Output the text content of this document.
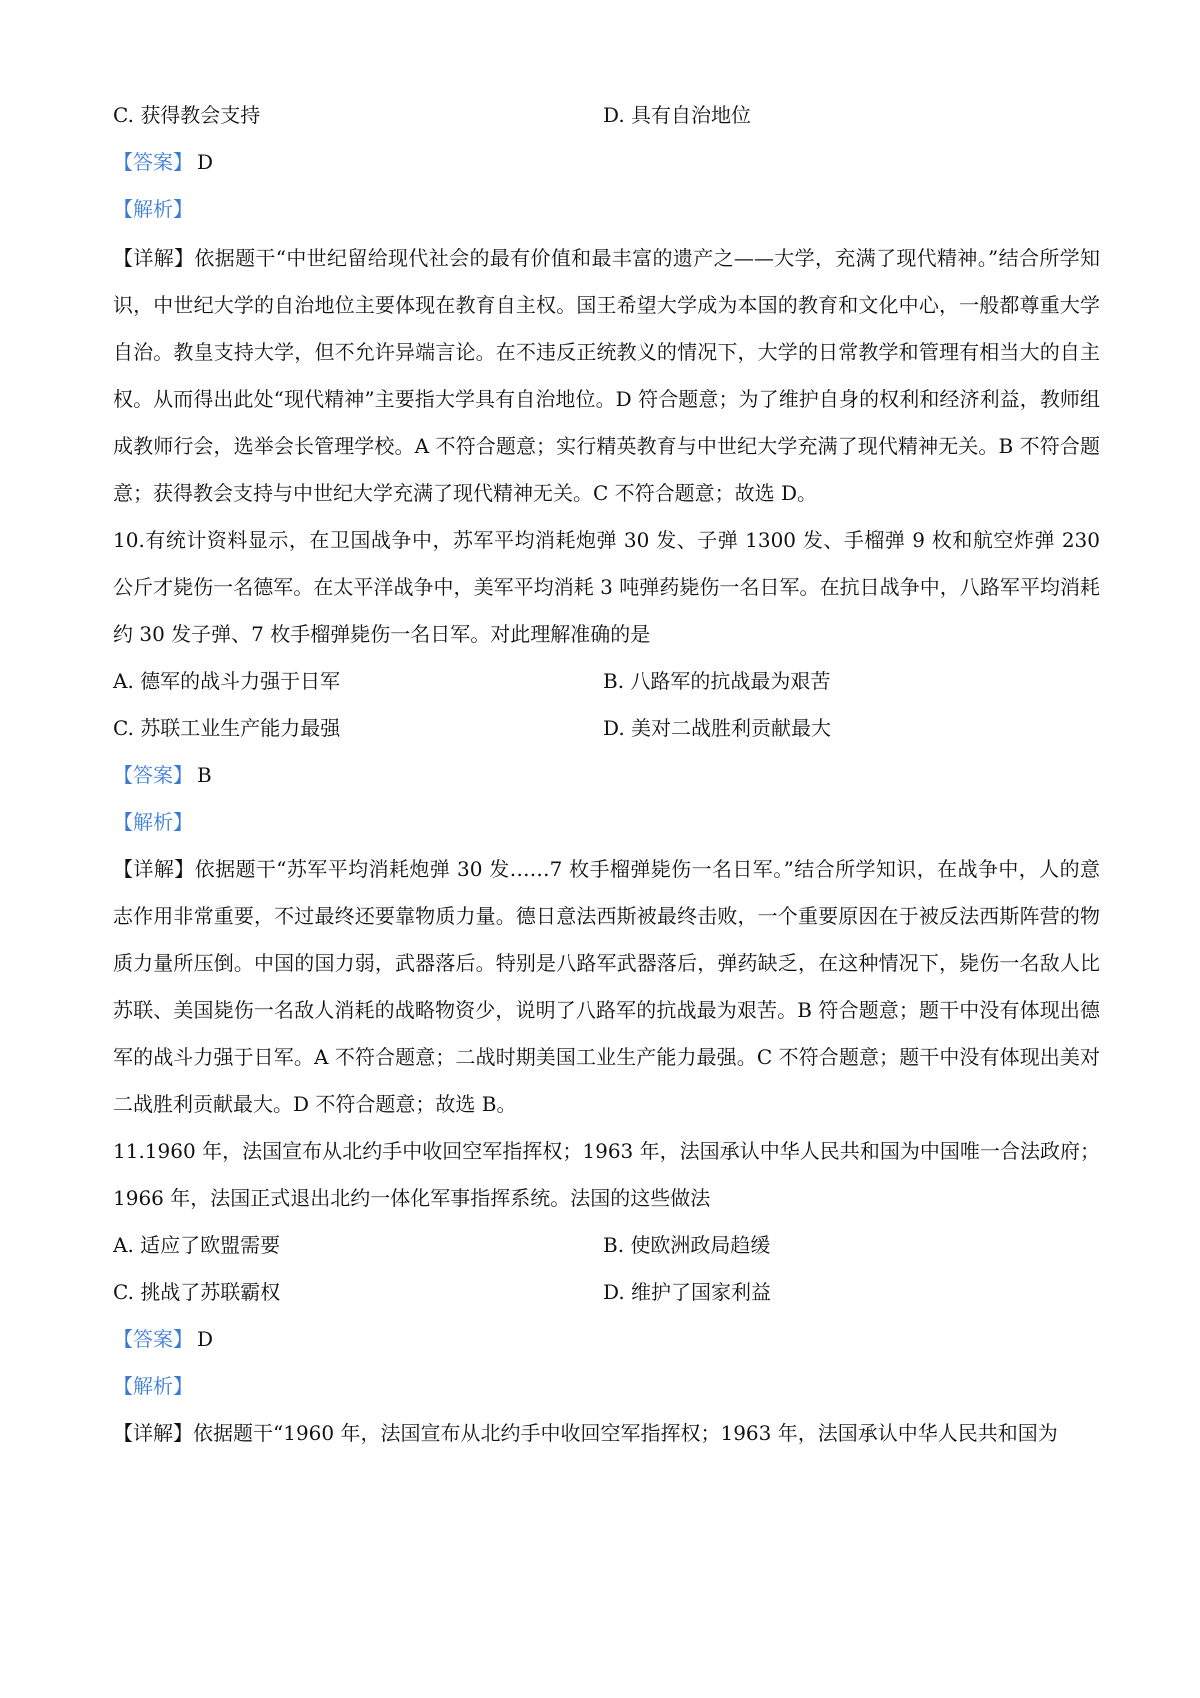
C. 获得教会支持	D. 具有自治地位
【答案】 D
【解析】

【详解】依据题干“中世纪留给现代社会的最有价值和最丰富的遗产之——大学，充满了现代精神。”结合所学知识，中世纪大学的自治地位主要体现在教育自主权。国王希望大学成为本国的教育和文化中心，一般都尊重大学自治。教皇支持大学，但不允许异端言论。在不违反正统教义的情况下，大学的日常教学和管理有相当大的自主权。从而得出此处“现代精神”主要指大学具有自治地位。D 符合题意；为了维护自身的权利和经济利益，教师组成教师行会，选举会长管理学校。A 不符合题意；实行精英教育与中世纪大学充满了现代精神无关。B 不符合题意；获得教会支持与中世纪大学充满了现代精神无关。C 不符合题意；故选 D。

10.有统计资料显示，在卫国战争中，苏军平均消耗炮弹 30 发、子弹 1300 发、手榴弹 9 枚和航空炸弹 230 公斤才毙伤一名德军。在太平洋战争中，美军平均消耗 3 吨弹药毙伤一名日军。在抗日战争中，八路军平均消耗约 30 发子弹、7 枚手榴弹毙伤一名日军。对此理解准确的是

A. 德军的战斗力强于日军	B. 八路军的抗战最为艰苦
C. 苏联工业生产能力最强	D. 美对二战胜利贡献最大
【答案】 B
【解析】

【详解】依据题干“苏军平均消耗炮弹 30 发……7 枚手榴弹毙伤一名日军。”结合所学知识，在战争中，人的意志作用非常重要，不过最终还要靠物质力量。德日意法西斯被最终击败，一个重要原因在于被反法西斯阵营的物质力量所压倒。中国的国力弱，武器落后。特别是八路军武器落后，弹药缺乏，在这种情况下，毙伤一名敌人比苏联、美国毙伤一名敌人消耗的战略物资少，说明了八路军的抗战最为艰苦。B 符合题意；题干中没有体现出德军的战斗力强于日军。A 不符合题意；二战时期美国工业生产能力最强。C 不符合题意；题干中没有体现出美对二战胜利贡献最大。D 不符合题意；故选 B。

11.1960 年，法国宣布从北约手中收回空军指挥权；1963 年，法国承认中华人民共和国为中国唯一合法政府；1966 年，法国正式退出北约一体化军事指挥系统。法国的这些做法

A. 适应了欧盟需要	B. 使欧洲政局趋缓
C. 挑战了苏联霸权	D. 维护了国家利益
【答案】 D
【解析】

【详解】依据题干“1960 年，法国宣布从北约手中收回空军指挥权；1963 年，法国承认中华人民共和国为
